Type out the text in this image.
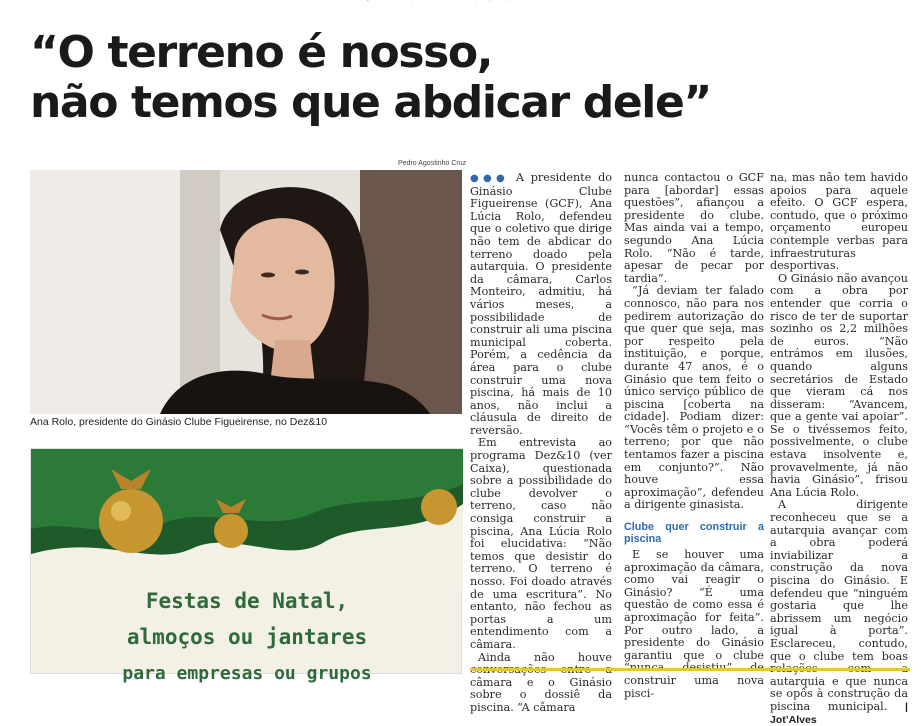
“O terreno é nosso,
não temos que abdicar dele”
Pedro Agostinho Cruz
Ana Rolo, presidente do Ginásio Clube Figueirense, no Dez&10
Festas de Natal,
almoços ou jantares
para empresas ou grupos

●●● A presidente do Ginásio Clube Figueirense (GCF), Ana Lúcia Rolo, defendeu que o coletivo que dirige não tem de abdicar do terreno doado pela autarquia. O presidente da câmara, Carlos Monteiro, admitiu, há vários meses, a possibilidade de construir ali uma piscina municipal coberta. Porém, a cedência da área para o clube construir uma nova piscina, há mais de 10 anos, não inclui a cláusula de direito de reversão.

Em entrevista ao programa Dez&10 (ver Caixa), questionada sobre a possibilidade do clube devolver o terreno, caso não consiga construir a piscina, Ana Lúcia Rolo foi elucidativa: “Não temos que desistir do terreno. O terreno é nosso. Foi doado através de uma escritura”. No entanto, não fechou as portas a um entendimento com a câmara.

Ainda não houve câmara e o Ginásio sobre o dossiê da piscina. “A câmara

nunca contactou o GCF para [abordar] essas questões”, afiançou a presidente do clube. Mas ainda vai a tempo, segundo Ana Lúcia Rolo. “Não é tarde, apesar de pecar por tardia”.

“Já deviam ter falado connosco, não para nos pedirem autorização do que quer que seja, mas por respeito pela instituição, e porque, durante 47 anos, é o Ginásio que tem feito o único serviço público de piscina [coberta na cidade]. Podiam dizer: “Vocês têm o projeto e o terreno; por que não tentamos fazer a piscina em conjunto?”. Não houve essa aproximação”, defendeu a dirigente ginasista.

Clube quer construir a piscina

E se houver uma aproximação da câmara, como vai reagir o Ginásio? “É uma questão de como essa é aproximação for feita”. Por outro lado, a presidente do Ginásio garantiu que o clube construir uma nova pisci-

na, mas não tem havido apoios para aquele efeito. O GCF espera, contudo, que o próximo orçamento europeu contemple verbas para infraestruturas desportivas.

O Ginásio não avançou com a obra por entender que corria o risco de ter de suportar sozinho os 2,2 milhões de euros. “Não entrámos em ilusões, quando alguns secretários de Estado que vieram cá nos disseram: “Avancem, que a gente vai apoiar”. Se o tivéssemos feito, possivelmente, o clube estava insolvente e, provavelmente, já não havia Ginásio”, frisou Ana Lúcia Rolo.

A dirigente reconheceu que se a autarquia avançar com a obra poderá inviabilizar a construção da nova piscina do Ginásio. E defendeu que “ninguém gostaria que lhe abrissem um negócio igual à porta”. Esclareceu, contudo, que o clube tem boas autarquia e que nunca se opôs à construção da piscina municipal. | Jot’Alves
